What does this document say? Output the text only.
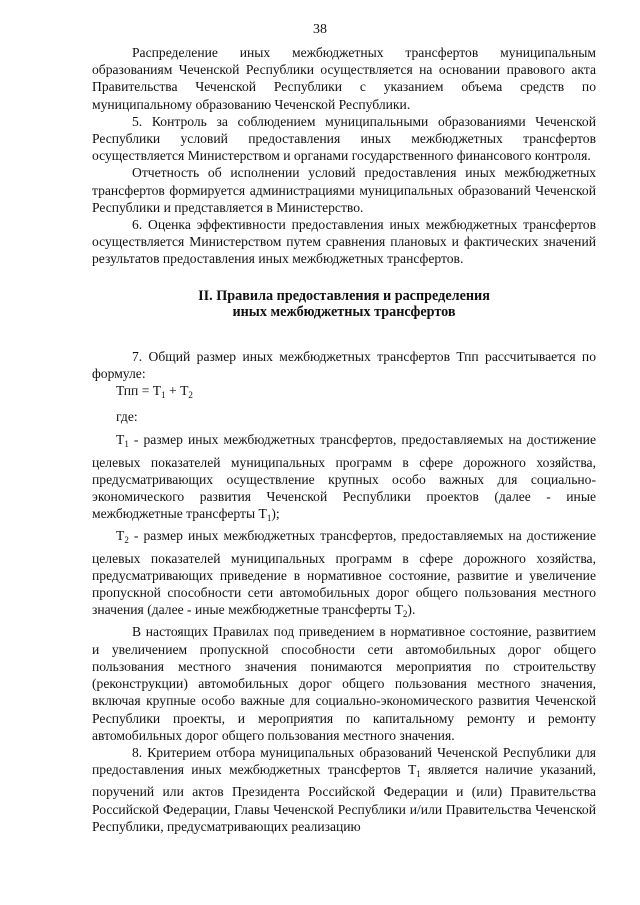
38

Распределение иных межбюджетных трансфертов муниципальным образованиям Чеченской Республики осуществляется на основании правового акта Правительства Чеченской Республики с указанием объема средств по муниципальному образованию Чеченской Республики.

5. Контроль за соблюдением муниципальными образованиями Чеченской Республики условий предоставления иных межбюджетных трансфертов осуществляется Министерством и органами государственного финансового контроля.

Отчетность об исполнении условий предоставления иных межбюджетных трансфертов формируется администрациями муниципальных образований Чеченской Республики и представляется в Министерство.

6. Оценка эффективности предоставления иных межбюджетных трансфертов осуществляется Министерством путем сравнения плановых и фактических значений результатов предоставления иных межбюджетных трансфертов.

II. Правила предоставления и распределения
иных межбюджетных трансфертов

7. Общий размер иных межбюджетных трансфертов Тпп рассчитывается по формуле:

Тпп = $Т_1 + Т_2$

где:

$Т_1$ - размер иных межбюджетных трансфертов, предоставляемых на достижение целевых показателей муниципальных программ в сфере дорожного хозяйства, предусматривающих осуществление крупных особо важных для социально-экономического развития Чеченской Республики проектов (далее - иные межбюджетные трансферты $Т_1$);

$Т_2$ - размер иных межбюджетных трансфертов, предоставляемых на достижение целевых показателей муниципальных программ в сфере дорожного хозяйства, предусматривающих приведение в нормативное состояние, развитие и увеличение пропускной способности сети автомобильных дорог общего пользования местного значения (далее - иные межбюджетные трансферты $Т_2$).

В настоящих Правилах под приведением в нормативное состояние, развитием и увеличением пропускной способности сети автомобильных дорог общего пользования местного значения понимаются мероприятия по строительству (реконструкции) автомобильных дорог общего пользования местного значения, включая крупные особо важные для социально-экономического развития Чеченской Республики проекты, и мероприятия по капитальному ремонту и ремонту автомобильных дорог общего пользования местного значения.

8. Критерием отбора муниципальных образований Чеченской Республики для предоставления иных межбюджетных трансфертов $Т_1$ является наличие указаний, поручений или актов Президента Российской Федерации и (или) Правительства Российской Федерации, Главы Чеченской Республики и/или Правительства Чеченской Республики, предусматривающих реализацию
